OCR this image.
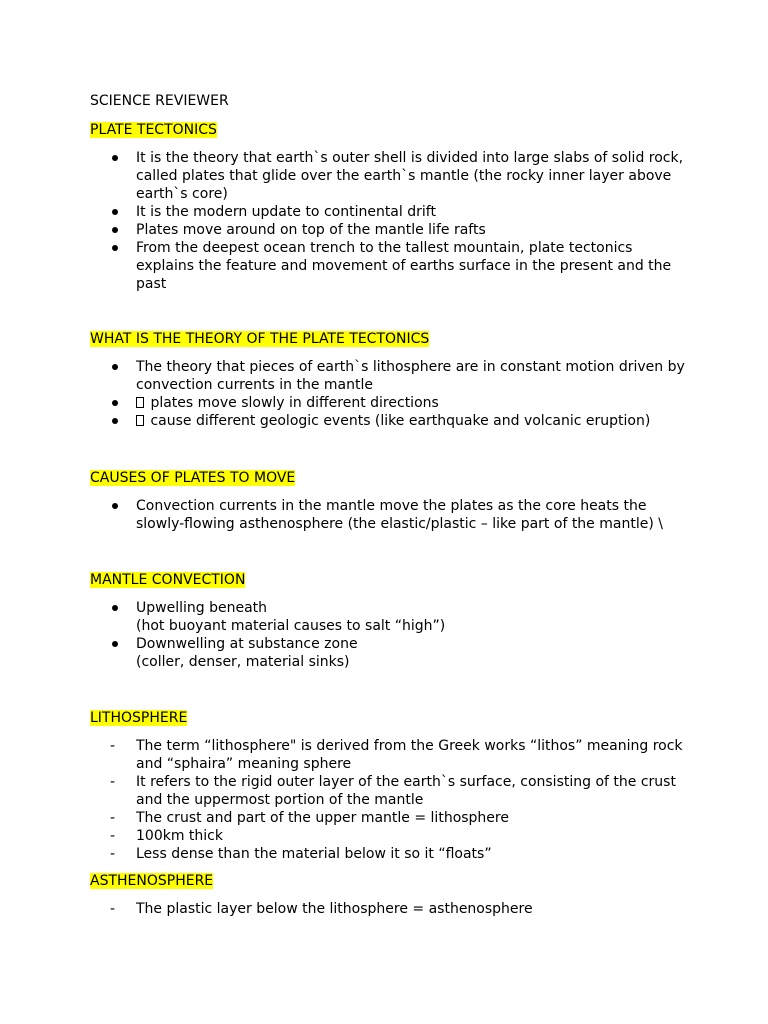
SCIENCE REVIEWER
PLATE TECTONICS
It is the theory that earth`s outer shell is divided into large slabs of solid rock,
called plates that glide over the earth`s mantle (the rocky inner layer above
earth`s core)
It is the modern update to continental drift
Plates move around on top of the mantle life rafts
From the deepest ocean trench to the tallest mountain, plate tectonics
explains the feature and movement of earths surface in the present and the
past
WHAT IS THE THEORY OF THE PLATE TECTONICS
The theory that pieces of earth`s lithosphere are in constant motion driven by
convection currents in the mantle
plates move slowly in different directions
cause different geologic events (like earthquake and volcanic eruption)
CAUSES OF PLATES TO MOVE
Convection currents in the mantle move the plates as the core heats the
slowly-flowing asthenosphere (the elastic/plastic – like part of the mantle) \
MANTLE CONVECTION
Upwelling beneath
(hot buoyant material causes to salt “high”)
Downwelling at substance zone
(coller, denser, material sinks)
LITHOSPHERE
-	The term “lithosphere" is derived from the Greek works “lithos” meaning rock
and “sphaira” meaning sphere
-	It refers to the rigid outer layer of the earth`s surface, consisting of the crust
and the uppermost portion of the mantle
-	The crust and part of the upper mantle = lithosphere
-	100km thick
-	Less dense than the material below it so it “floats”
ASTHENOSPHERE
-	The plastic layer below the lithosphere = asthenosphere
